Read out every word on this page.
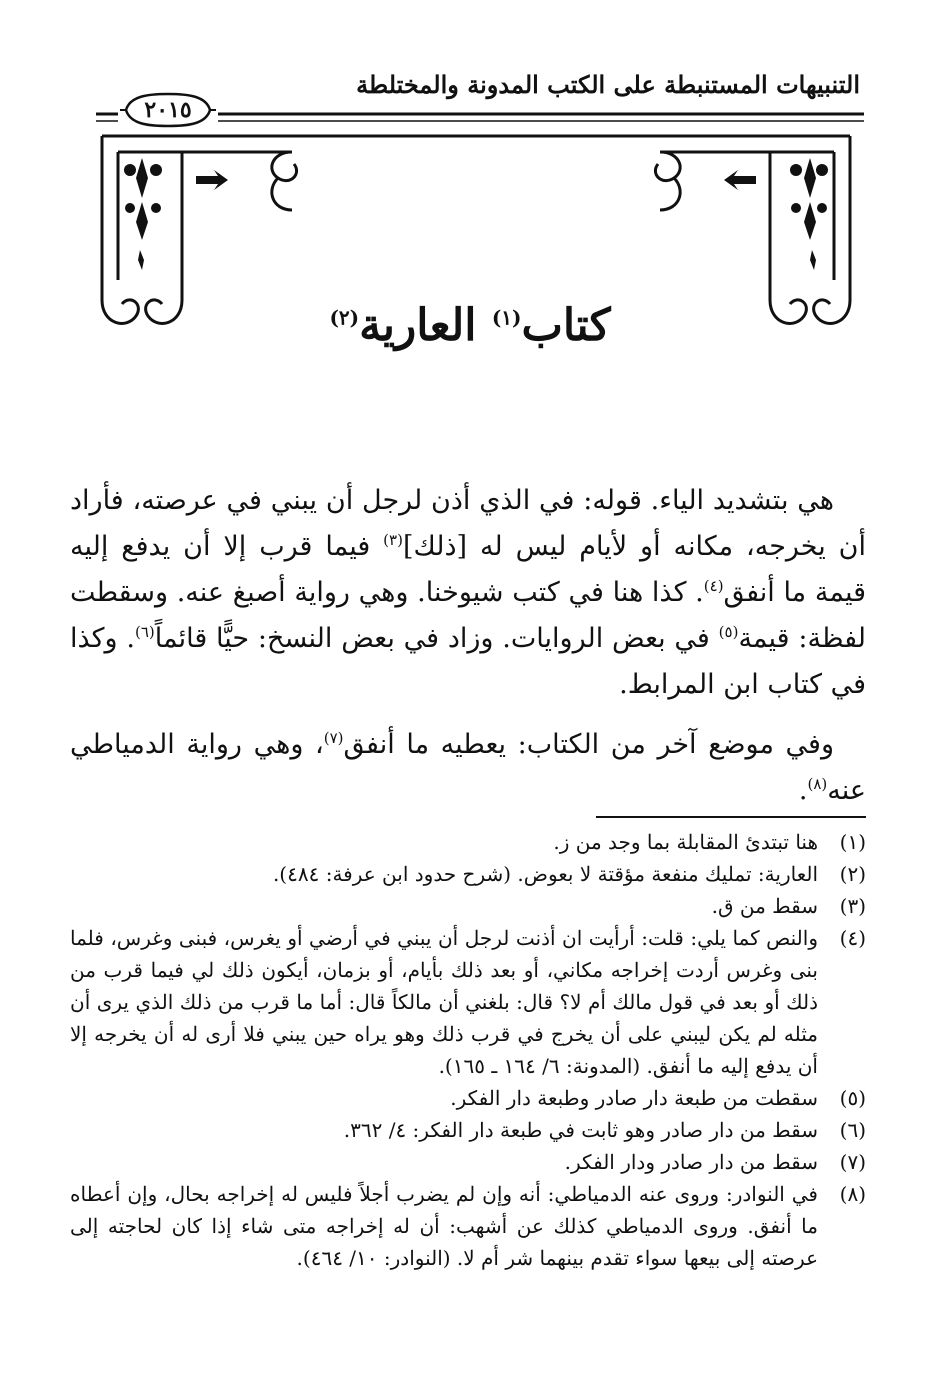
التنبيهات المستنبطة على الكتب المدونة والمختلطة
٢٠١٥
كتاب$^{(١)}$ العارية$^{(٢)}$

هي بتشديد الياء. قوله: في الذي أذن لرجل أن يبني في عرصته، فأراد أن يخرجه، مكانه أو لأيام ليس له [ذلك]$^{(٣)}$ فيما قرب إلا أن يدفع إليه قيمة ما أنفق$^{(٤)}$. كذا هنا في كتب شيوخنا. وهي رواية أصبغ عنه. وسقطت لفظة: قيمة$^{(٥)}$ في بعض الروايات. وزاد في بعض النسخ: حيًّا قائماً$^{(٦)}$. وكذا في كتاب ابن المرابط.

وفي موضع آخر من الكتاب: يعطيه ما أنفق$^{(٧)}$، وهي رواية الدمياطي عنه$^{(٨)}$.

(١)
هنا تبتدئ المقابلة بما وجد من ز.

(٢)
العارية: تمليك منفعة مؤقتة لا بعوض. (شرح حدود ابن عرفة: ٤٨٤).

(٣)
سقط من ق.

(٤)
والنص كما يلي: قلت: أرأيت ان أذنت لرجل أن يبني في أرضي أو يغرس، فبنى وغرس، فلما بنى وغرس أردت إخراجه مكاني، أو بعد ذلك بأيام، أو بزمان، أيكون ذلك لي فيما قرب من ذلك أو بعد في قول مالك أم لا؟ قال: بلغني أن مالكاً قال: أما ما قرب من ذلك الذي يرى أن مثله لم يكن ليبني على أن يخرج في قرب ذلك وهو يراه حين يبني فلا أرى له أن يخرجه إلا أن يدفع إليه ما أنفق. (المدونة: ٦/ ١٦٤ ـ ١٦٥).

(٥)
سقطت من طبعة دار صادر وطبعة دار الفكر.

(٦)
سقط من دار صادر وهو ثابت في طبعة دار الفكر: ٤/ ٣٦٢.

(٧)
سقط من دار صادر ودار الفكر.

(٨)
في النوادر: وروى عنه الدمياطي: أنه وإن لم يضرب أجلاً فليس له إخراجه بحال، وإن أعطاه ما أنفق. وروى الدمياطي كذلك عن أشهب: أن له إخراجه متى شاء إذا كان لحاجته إلى عرصته إلى بيعها سواء تقدم بينهما شر أم لا. (النوادر: ١٠/ ٤٦٤).
